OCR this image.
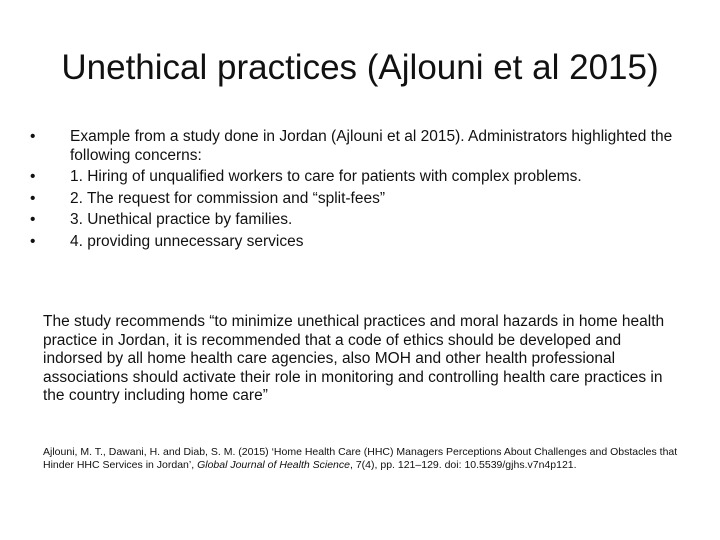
Unethical practices (Ajlouni et al 2015)
•	Example from a study done in Jordan (Ajlouni et al 2015). Administrators highlighted the following concerns:
•	1. Hiring of unqualified workers to care for patients with complex problems.
•	2. The request for commission and “split-fees”
•	3. Unethical practice by families.
•	4. providing unnecessary services

The study recommends “to minimize unethical practices and moral hazards in home health practice in Jordan, it is recommended that a code of ethics should be developed and indorsed by all home health care agencies, also MOH and other health professional associations should activate their role in monitoring and controlling health care practices in the country including home care”

Ajlouni, M. T., Dawani, H. and Diab, S. M. (2015) ‘Home Health Care (HHC) Managers Perceptions About Challenges and Obstacles that Hinder HHC Services in Jordan’, Global Journal of Health Science, 7(4), pp. 121–129. doi: 10.5539/gjhs.v7n4p121.
